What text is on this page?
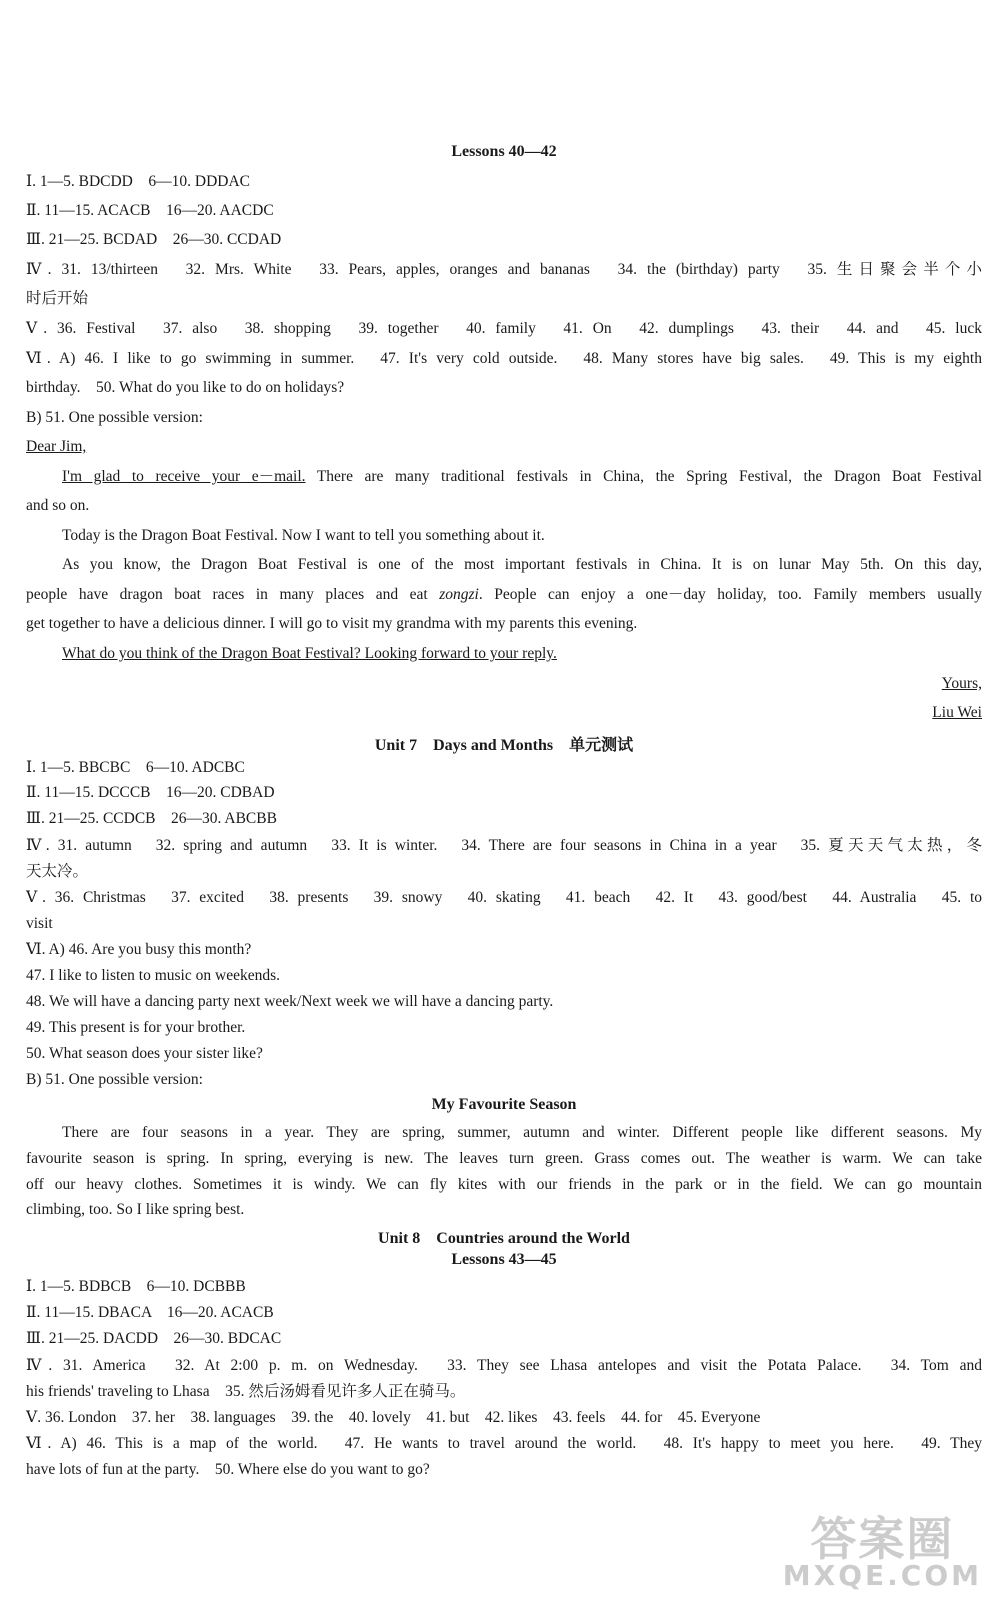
Lessons 40—42
Ⅰ. 1—5. BDCDD　6—10. DDDAC
Ⅱ. 11—15. ACACB　16—20. AACDC
Ⅲ. 21—25. BCDAD　26—30. CCDAD
Ⅳ. 31. 13/thirteen　32. Mrs. White　33. Pears, apples, oranges and bananas　34. the (birthday) party　35. 生日聚会半个小
时后开始
Ⅴ. 36. Festival　37. also　38. shopping　39. together　40. family　41. On　42. dumplings　43. their　44. and　45. luck
Ⅵ. A) 46. I like to go swimming in summer.　47. It's very cold outside.　48. Many stores have big sales.　49. This is my eighth
birthday.　50. What do you like to do on holidays?
B) 51. One possible version:
Dear Jim,
I'm glad to receive your e－mail. There are many traditional festivals in China, the Spring Festival, the Dragon Boat Festival
and so on.
Today is the Dragon Boat Festival. Now I want to tell you something about it.
As you know, the Dragon Boat Festival is one of the most important festivals in China. It is on lunar May 5th. On this day,
people have dragon boat races in many places and eat zongzi. People can enjoy a one－day holiday, too. Family members usually
get together to have a delicious dinner. I will go to visit my grandma with my parents this evening.
What do you think of the Dragon Boat Festival? Looking forward to your reply.
Yours,
Liu Wei
Unit 7　Days and Months　单元测试
Ⅰ. 1—5. BBCBC　6—10. ADCBC
Ⅱ. 11—15. DCCCB　16—20. CDBAD
Ⅲ. 21—25. CCDCB　26—30. ABCBB
Ⅳ. 31. autumn　32. spring and autumn　33. It is winter.　34. There are four seasons in China in a year　35. 夏天天气太热，冬
天太冷。
Ⅴ. 36. Christmas　37. excited　38. presents　39. snowy　40. skating　41. beach　42. It　43. good/best　44. Australia　45. to
visit
Ⅵ. A) 46. Are you busy this month?
47. I like to listen to music on weekends.
48. We will have a dancing party next week/Next week we will have a dancing party.
49. This present is for your brother.
50. What season does your sister like?
B) 51. One possible version:
My Favourite Season
There are four seasons in a year. They are spring, summer, autumn and winter. Different people like different seasons. My
favourite season is spring. In spring, everying is new. The leaves turn green. Grass comes out. The weather is warm. We can take
off our heavy clothes. Sometimes it is windy. We can fly kites with our friends in the park or in the field. We can go mountain
climbing, too. So I like spring best.
Unit 8　Countries around the World
Lessons 43—45
Ⅰ. 1—5. BDBCB　6—10. DCBBB
Ⅱ. 11—15. DBACA　16—20. ACACB
Ⅲ. 21—25. DACDD　26—30. BDCAC
Ⅳ. 31. America　32. At 2:00 p. m. on Wednesday.　33. They see Lhasa antelopes and visit the Potata Palace.　34. Tom and
his friends' traveling to Lhasa　35. 然后汤姆看见许多人正在骑马。
Ⅴ. 36. London　37. her　38. languages　39. the　40. lovely　41. but　42. likes　43. feels　44. for　45. Everyone
Ⅵ. A) 46. This is a map of the world.　47. He wants to travel around the world.　48. It's happy to meet you here.　49. They
have lots of fun at the party.　50. Where else do you want to go?
答案圈
MXQE.COM
